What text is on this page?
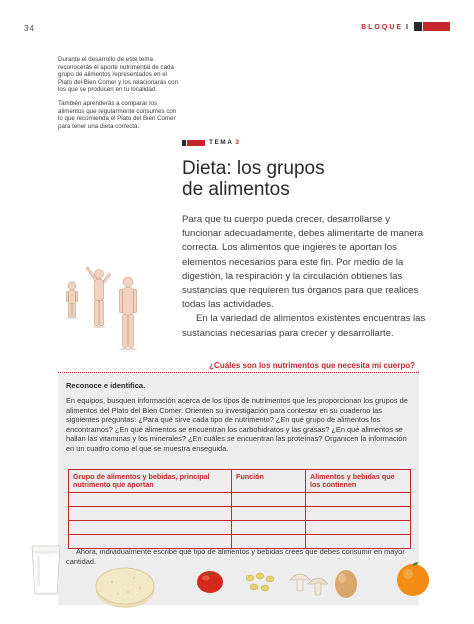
34	BLOQUE I

Durante el desarrollo de este tema reconocerás el aporte nutrimental de cada grupo de alimentos representados en el Plato del Bien Comer y los relacionarás con los que se producen en tu localidad.

También aprenderás a comparar los alimentos que regularmente consumes con lo que recomienda el Plato del Bien Comer para tener una dieta correcta.

TEMA 3
Dieta: los grupos
de alimentos

Para que tu cuerpo pueda crecer, desarrollarse y funcionar adecuadamente, debes alimentarte de manera correcta. Los alimentos que ingieres te aportan los elementos necesarios para este fin. Por medio de la digestión, la respiración y la circulación obtienes las sustancias que requieren tus órganos para que realices todas las actividades.

En la variedad de alimentos existentes encuentras las sustancias necesarias para crecer y desarrollarte.

¿Cuáles son los nutrimentos que necesita mi cuerpo?
Reconoce e identifica.
En equipos, busquen información acerca de los tipos de nutrimentos que les proporcionan los grupos de alimentos del Plato del Bien Comer. Orienten su investigación para contestar en su cuaderno las siguientes preguntas: ¿Para qué sirve cada tipo de nutrimento? ¿En qué grupo de alimentos los encontramos? ¿En qué alimentos se encuentran los carbohidratos y las grasas? ¿En qué alimentos se hallan las vitaminas y los minerales? ¿En cuáles se encuentran las proteínas? Organicen la información en un cuadro como el que se muestra enseguida.
Grupo de alimentos y bebidas, principal nutrimento que aportan
Función	Alimentos y bebidas que los contienen
Ahora, individualmente escribe qué tipo de alimentos y bebidas crees que debes consumir en mayor cantidad.
